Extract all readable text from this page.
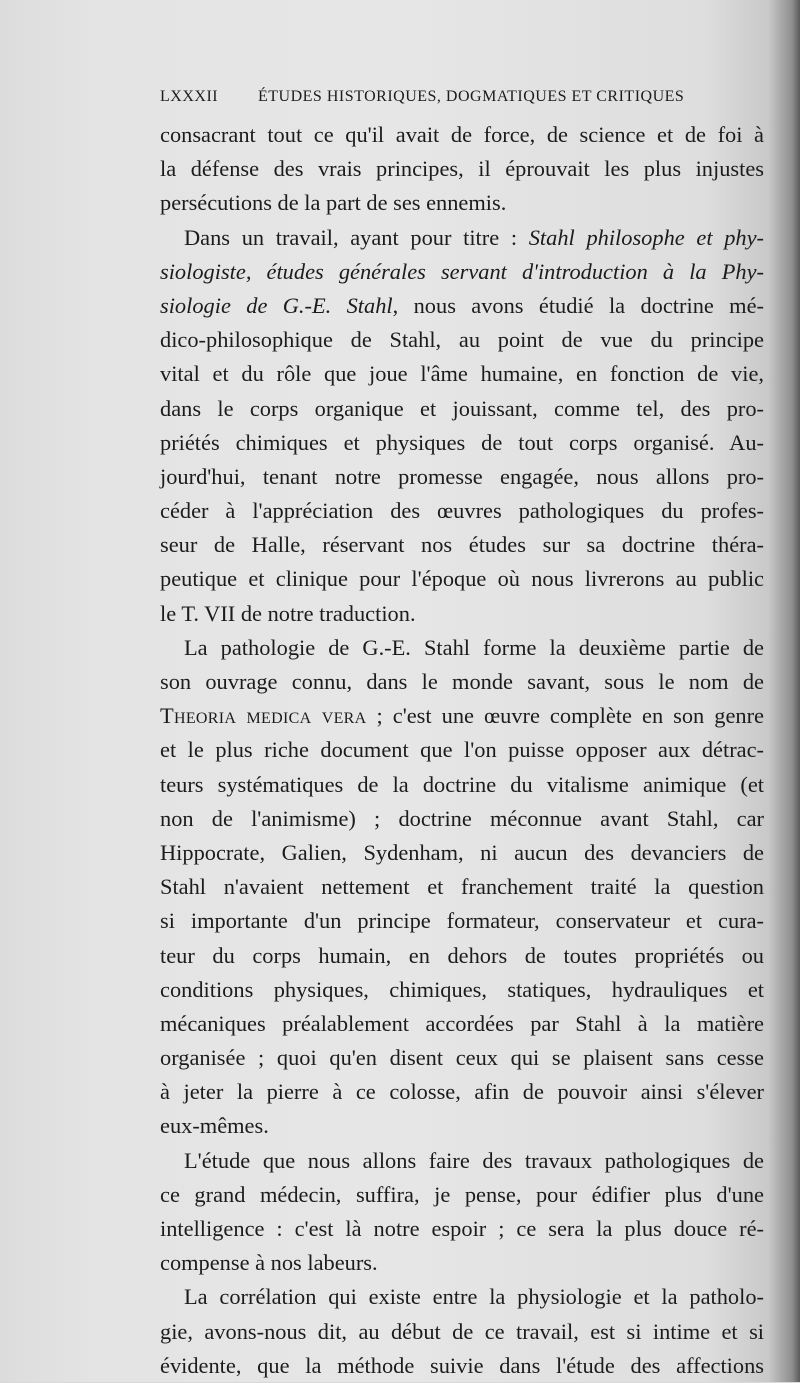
LXXXII ÉTUDES HISTORIQUES, DOGMATIQUES ET CRITIQUES
consacrant tout ce qu'il avait de force, de science et de foi à
la défense des vrais principes, il éprouvait les plus injustes
persécutions de la part de ses ennemis.
Dans un travail, ayant pour titre : Stahl philosophe et phy-
siologiste, études générales servant d'introduction à la Phy-
siologie de G.-E. Stahl, nous avons étudié la doctrine mé-
dico-philosophique de Stahl, au point de vue du principe
vital et du rôle que joue l'âme humaine, en fonction de vie,
dans le corps organique et jouissant, comme tel, des pro-
priétés chimiques et physiques de tout corps organisé. Au-
jourd'hui, tenant notre promesse engagée, nous allons pro-
céder à l'appréciation des œuvres pathologiques du profes-
seur de Halle, réservant nos études sur sa doctrine théra-
peutique et clinique pour l'époque où nous livrerons au public
le T. VII de notre traduction.
La pathologie de G.-E. Stahl forme la deuxième partie de
son ouvrage connu, dans le monde savant, sous le nom de
Theoria medica vera ; c'est une œuvre complète en son genre
et le plus riche document que l'on puisse opposer aux détrac-
teurs systématiques de la doctrine du vitalisme animique (et
non de l'animisme) ; doctrine méconnue avant Stahl, car
Hippocrate, Galien, Sydenham, ni aucun des devanciers de
Stahl n'avaient nettement et franchement traité la question
si importante d'un principe formateur, conservateur et cura-
teur du corps humain, en dehors de toutes propriétés ou
conditions physiques, chimiques, statiques, hydrauliques et
mécaniques préalablement accordées par Stahl à la matière
organisée ; quoi qu'en disent ceux qui se plaisent sans cesse
à jeter la pierre à ce colosse, afin de pouvoir ainsi s'élever
eux-mêmes.
L'étude que nous allons faire des travaux pathologiques de
ce grand médecin, suffira, je pense, pour édifier plus d'une
intelligence : c'est là notre espoir ; ce sera la plus douce ré-
compense à nos labeurs.
La corrélation qui existe entre la physiologie et la patholo-
gie, avons-nous dit, au début de ce travail, est si intime et si
évidente, que la méthode suivie dans l'étude des affections
